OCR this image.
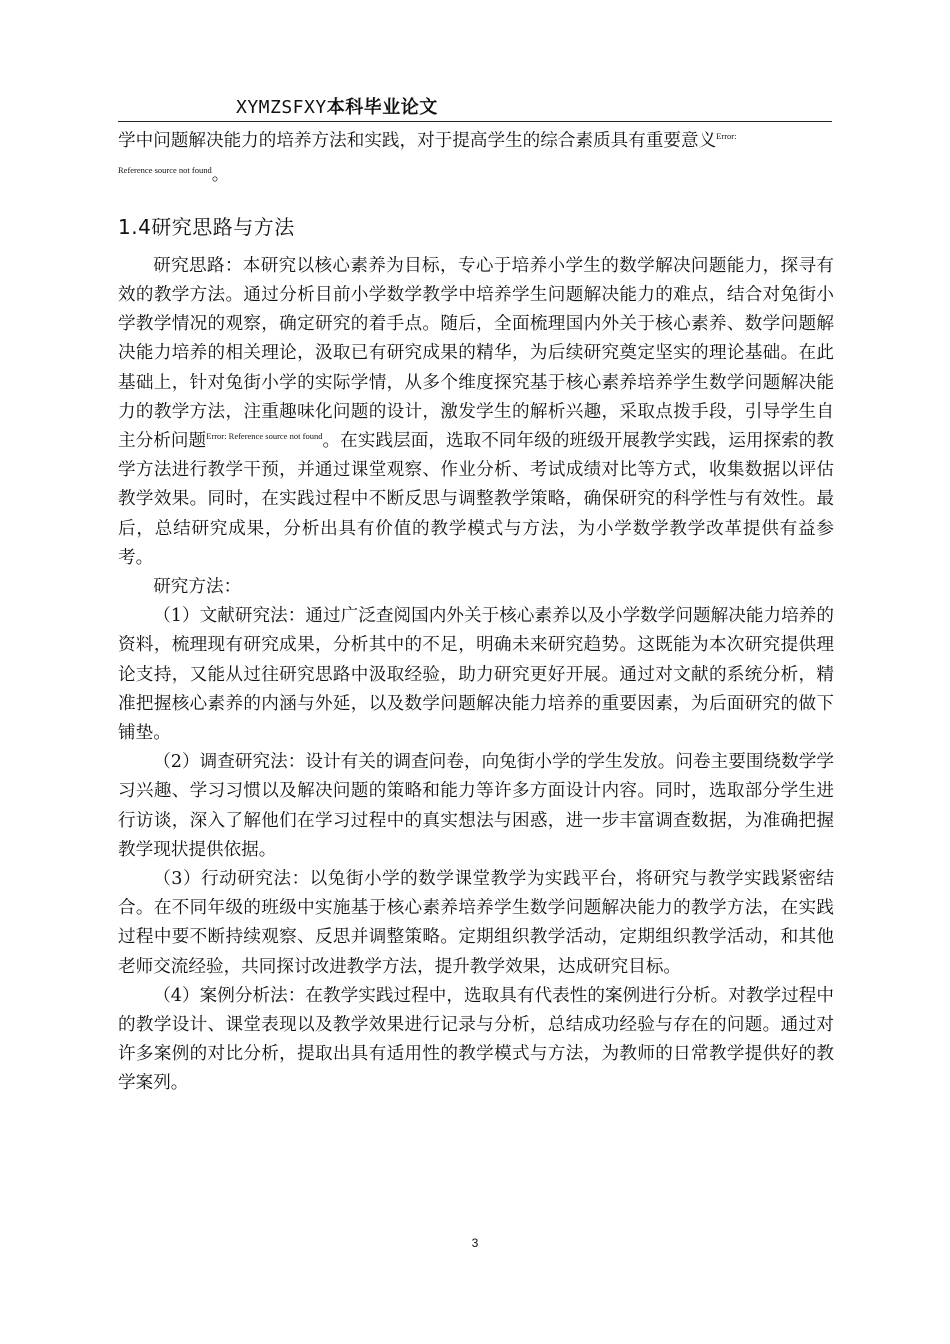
XYMZSFXY本科毕业论文

学中问题解决能力的培养方法和实践，对于提高学生的综合素质具有重要意义$^{Error:}$
$^{Reference source not found}$。

1.4研究思路与方法

研究思路：本研究以核心素养为目标，专心于培养小学生的数学解决问题能力，探寻有效的教学方法。通过分析目前小学数学教学中培养学生问题解决能力的难点，结合对兔街小学教学情况的观察，确定研究的着手点。随后，全面梳理国内外关于核心素养、数学问题解决能力培养的相关理论，汲取已有研究成果的精华，为后续研究奠定坚实的理论基础。在此基础上，针对兔街小学的实际学情，从多个维度探究基于核心素养培养学生数学问题解决能力的教学方法，注重趣味化问题的设计，激发学生的解析兴趣，采取点拨手段，引导学生自主分析问题$^{Error: Reference source not found}$。在实践层面，选取不同年级的班级开展教学实践，运用探索的教学方法进行教学干预，并通过课堂观察、作业分析、考试成绩对比等方式，收集数据以评估教学效果。同时，在实践过程中不断反思与调整教学策略，确保研究的科学性与有效性。最后，总结研究成果，分析出具有价值的教学模式与方法，为小学数学教学改革提供有益参考。

研究方法：

（1）文献研究法：通过广泛查阅国内外关于核心素养以及小学数学问题解决能力培养的资料，梳理现有研究成果，分析其中的不足，明确未来研究趋势。这既能为本次研究提供理论支持，又能从过往研究思路中汲取经验，助力研究更好开展。通过对文献的系统分析，精准把握核心素养的内涵与外延，以及数学问题解决能力培养的重要因素，为后面研究的做下铺垫。

（2）调查研究法：设计有关的调查问卷，向兔街小学的学生发放。问卷主要围绕数学学习兴趣、学习习惯以及解决问题的策略和能力等许多方面设计内容。同时，选取部分学生进行访谈，深入了解他们在学习过程中的真实想法与困惑，进一步丰富调查数据，为准确把握教学现状提供依据。

（3）行动研究法：以兔街小学的数学课堂教学为实践平台，将研究与教学实践紧密结合。在不同年级的班级中实施基于核心素养培养学生数学问题解决能力的教学方法，在实践过程中要不断持续观察、反思并调整策略。定期组织教学活动，定期组织教学活动，和其他老师交流经验，共同探讨改进教学方法，提升教学效果，达成研究目标。

（4）案例分析法：在教学实践过程中，选取具有代表性的案例进行分析。对教学过程中的教学设计、课堂表现以及教学效果进行记录与分析，总结成功经验与存在的问题。通过对许多案例的对比分析，提取出具有适用性的教学模式与方法，为教师的日常教学提供好的教学案列。

3
